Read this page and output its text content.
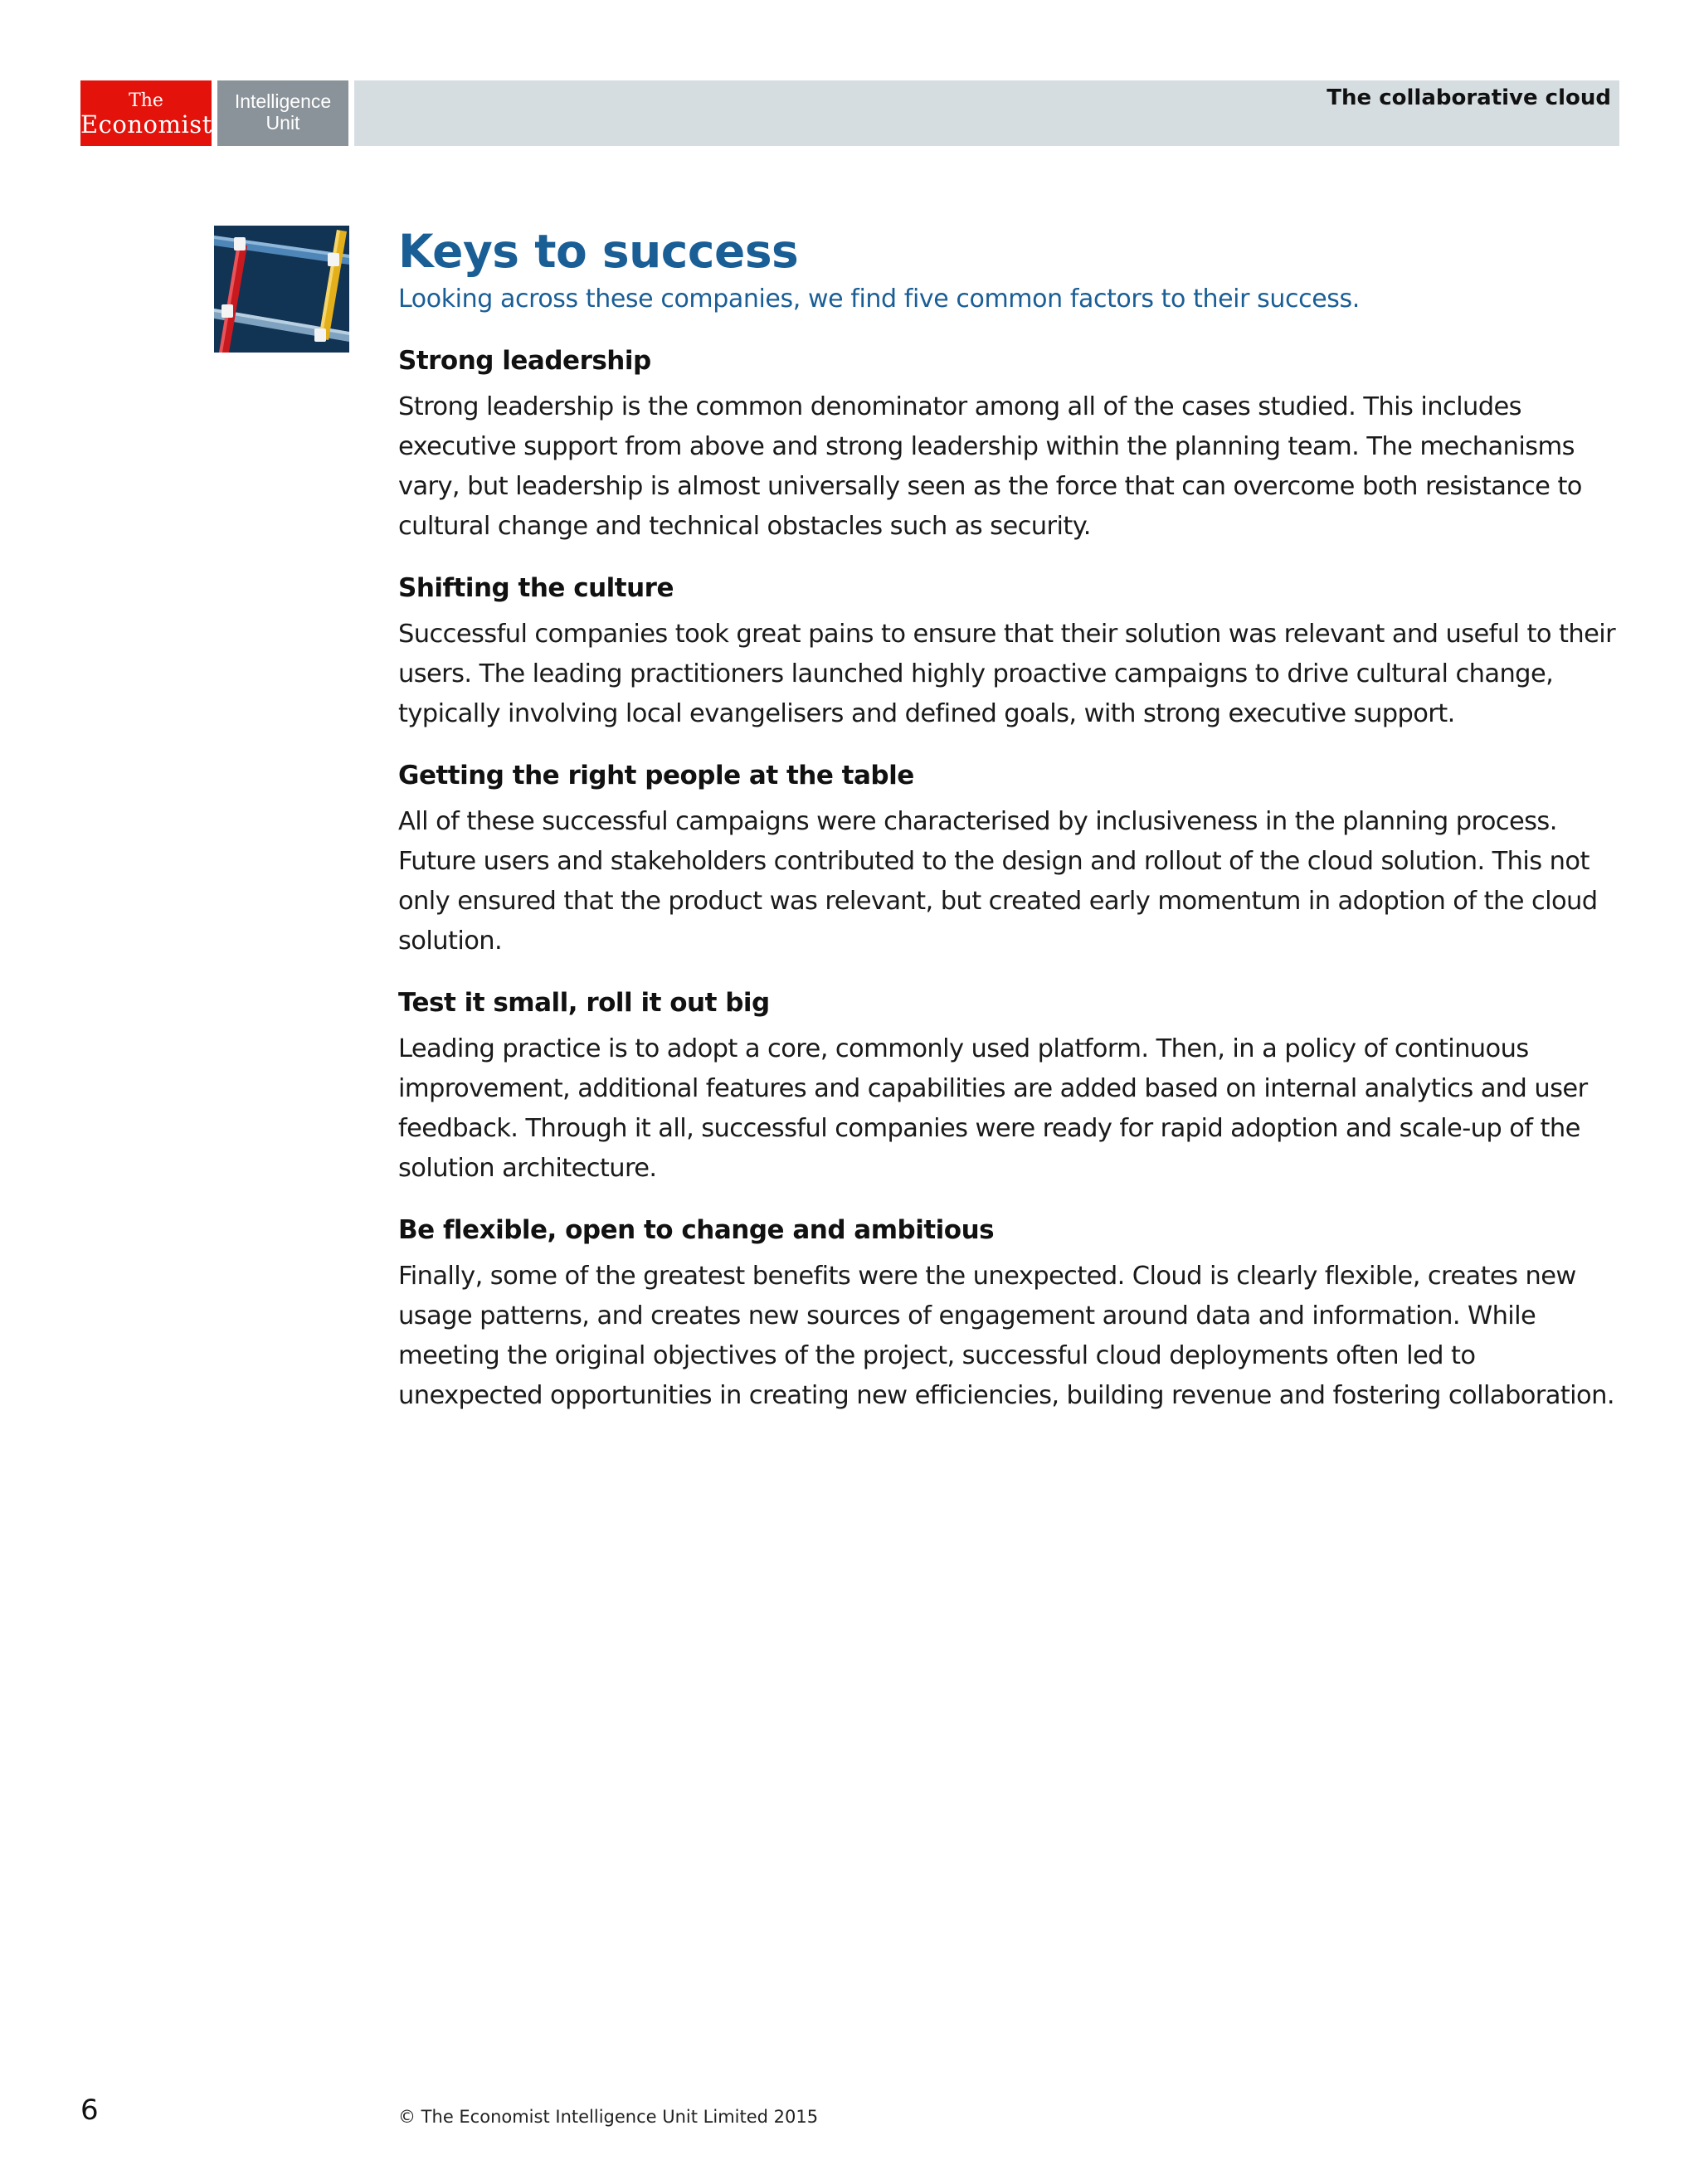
The
Economist
Intelligence
Unit
The collaborative cloud
Keys to success

Looking across these companies, we find five common factors to their success.

Strong leadership

Strong leadership is the common denominator among all of the cases studied. This includes executive support from above and strong leadership within the planning team. The mechanisms vary, but leadership is almost universally seen as the force that can overcome both resistance to cultural change and technical obstacles such as security.

Shifting the culture

Successful companies took great pains to ensure that their solution was relevant and useful to their users. The leading practitioners launched highly proactive campaigns to drive cultural change, typically involving local evangelisers and defined goals, with strong executive support.

Getting the right people at the table

All of these successful campaigns were characterised by inclusiveness in the planning process. Future users and stakeholders contributed to the design and rollout of the cloud solution. This not only ensured that the product was relevant, but created early momentum in adoption of the cloud solution.

Test it small, roll it out big

Leading practice is to adopt a core, commonly used platform. Then, in a policy of continuous improvement, additional features and capabilities are added based on internal analytics and user feedback. Through it all, successful companies were ready for rapid adoption and scale-up of the solution architecture.

Be flexible, open to change and ambitious

Finally, some of the greatest benefits were the unexpected. Cloud is clearly flexible, creates new usage patterns, and creates new sources of engagement around data and information. While meeting the original objectives of the project, successful cloud deployments often led to unexpected opportunities in creating new efficiencies, building revenue and fostering collaboration.

6	© The Economist Intelligence Unit Limited 2015
